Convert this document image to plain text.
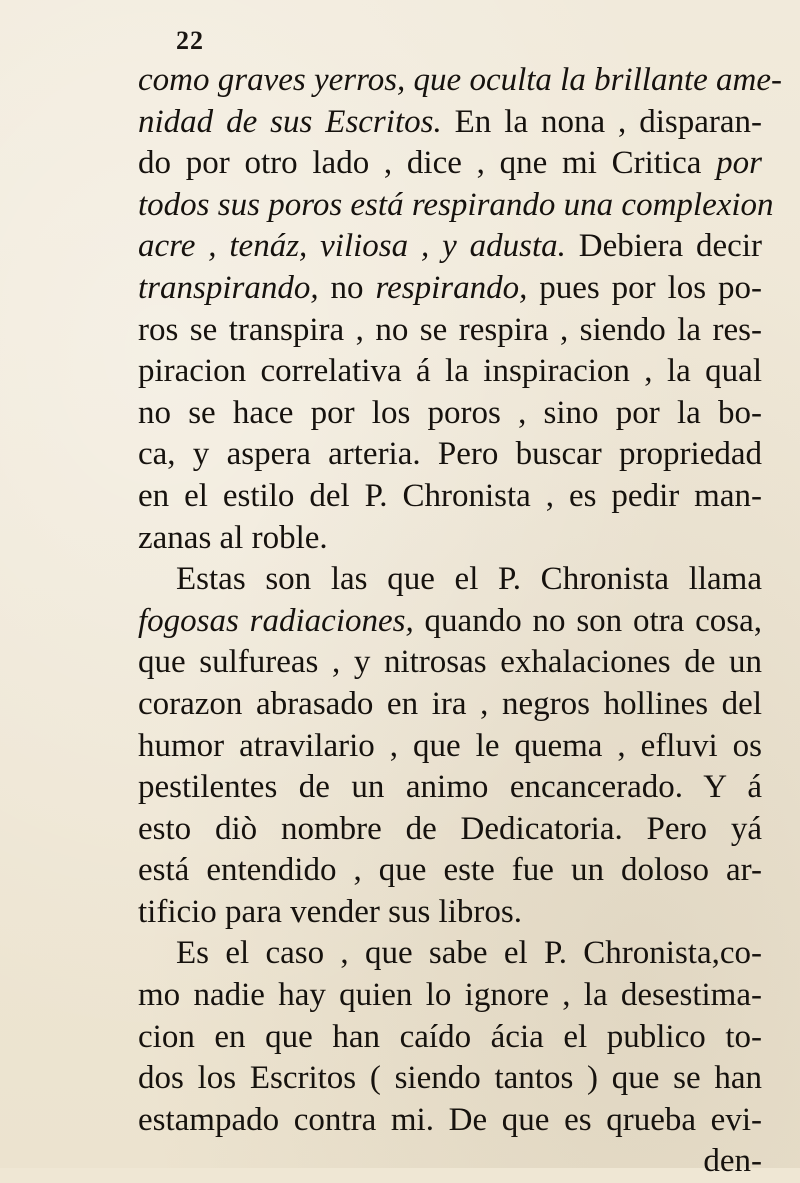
22
como graves yerros, que oculta la brillante ame-
nidad de sus Escritos. En la nona , disparan-
do por otro lado , dice , qne mi Critica por
todos sus poros está respirando una complexion
acre , tenáz, viliosa , y adusta. Debiera decir
transpirando, no respirando, pues por los po-
ros se transpira , no se respira , siendo la res-
piracion correlativa á la inspiracion , la qual
no se hace por los poros , sino por la bo-
ca, y aspera arteria. Pero buscar propriedad
en el estilo del P. Chronista , es pedir man-
zanas al roble.
Estas son las que el P. Chronista llama
fogosas radiaciones, quando no son otra cosa,
que sulfureas , y nitrosas exhalaciones de un
corazon abrasado en ira , negros hollines del
humor atravilario , que le quema , efluvi os
pestilentes de un animo encancerado. Y á
esto diò nombre de Dedicatoria. Pero yá
está entendido , que este fue un doloso ar-
tificio para vender sus libros.
Es el caso , que sabe el P. Chronista,co-
mo nadie hay quien lo ignore , la desestima-
cion en que han caído ácia el publico to-
dos los Escritos ( siendo tantos ) que se han
estampado contra mi. De que es qrueba evi-
den-
